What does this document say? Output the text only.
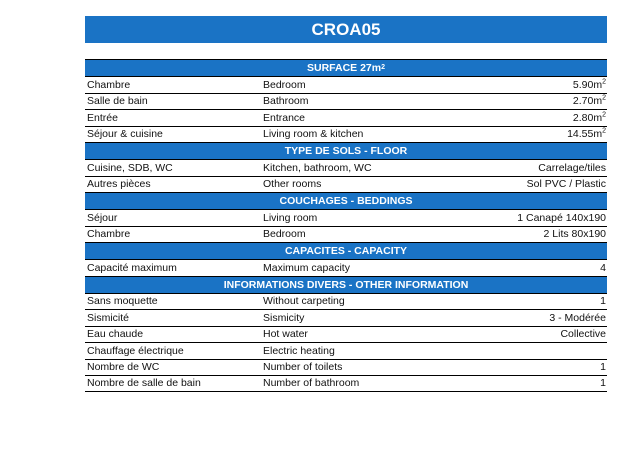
CROA05
SURFACE 27m 2
Chambre	Bedroom	$5.90m^2$
Salle de bain	Bathroom	$2.70m^2$
Entrée	Entrance	$2.80m^2$
Séjour & cuisine	Living room & kitchen	$14.55m^2$
TYPE DE SOLS - FLOOR
Cuisine, SDB, WC	Kitchen, bathroom, WC	Carrelage/tiles
Autres pièces	Other rooms	Sol PVC / Plastic
COUCHAGES - BEDDINGS
Séjour	Living room	1 Canapé 140x190
Chambre	Bedroom	2 Lits 80x190
CAPACITES - CAPACITY
Capacité maximum	Maximum capacity	4
INFORMATIONS DIVERS - OTHER INFORMATION
Sans moquette	Without carpeting	1
Sismicité	Sismicity	3 - Modérée
Eau chaude	Hot water	Collective
Chauffage électrique	Electric heating
Nombre de WC	Number of toilets	1
Nombre de salle de bain	Number of bathroom	1
